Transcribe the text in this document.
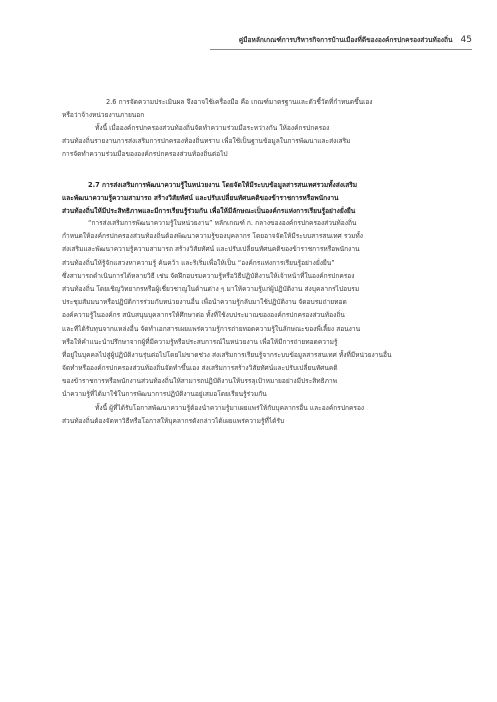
คู่มือหลักเกณฑ์การบริหารกิจการบ้านเมืองที่ดีขององค์กรปกครองส่วนท้องถิ่น 45
2.6 การจัดความประเมินผล จึงอาจใช้เครื่องมือ คือ เกณฑ์มาตรฐานและตัวชี้วัดที่กำหนดขึ้นเอง
หรือว่าจ้างหน่วยงานภายนอก
ทั้งนี้ เมื่อองค์กรปกครองส่วนท้องถิ่นจัดทำความร่วมมือระหว่างกัน ให้องค์กรปกครอง
ส่วนท้องถิ่นรายงานการส่งเสริมการปกครองท้องถิ่นทราบ เพื่อใช้เป็นฐานข้อมูลในการพัฒนาและส่งเสริม
การจัดทำความร่วมมือขององค์กรปกครองส่วนท้องถิ่นต่อไป
2.7 การส่งเสริมการพัฒนาความรู้ในหน่วยงาน โดยจัดให้มีระบบข้อมูลสารสนเทศรวมทั้งส่งเสริม
และพัฒนาความรู้ความสามารถ สร้างวิสัยทัศน์ และปรับเปลี่ยนทัศนคติของข้าราชการหรือพนักงาน
ส่วนท้องถิ่นให้มีประสิทธิภาพและมีการเรียนรู้ร่วมกัน เพื่อให้มีลักษณะเป็นองค์กรแห่งการเรียนรู้อย่างยั่งยืน
“การส่งเสริมการพัฒนาความรู้ในหน่วยงาน” หลักเกณฑ์ ก. กลางขององค์กรปกครองส่วนท้องถิ่น
กำหนดให้องค์กรปกครองส่วนท้องถิ่นต้องพัฒนาความรู้ของบุคลากร โดยอาจจัดให้มีระบบสารสนเทศ รวมทั้ง
ส่งเสริมและพัฒนาความรู้ความสามารถ สร้างวิสัยทัศน์ และปรับเปลี่ยนทัศนคติของข้าราชการหรือพนักงาน
ส่วนท้องถิ่นให้รู้จักแสวงหาความรู้ ค้นคว้า และริเริ่มเพื่อให้เป็น “องค์กรแห่งการเรียนรู้อย่างยั่งยืน”
ซึ่งสามารถดำเนินการได้หลายวิธี เช่น จัดฝึกอบรมความรู้หรือวิธีปฏิบัติงานให้เจ้าหน้าที่ในองค์กรปกครอง
ส่วนท้องถิ่น โดยเชิญวิทยากรหรือผู้เชี่ยวชาญในด้านต่าง ๆ มาให้ความรู้แก่ผู้ปฏิบัติงาน ส่งบุคลากรไปอบรม
ประชุมสัมมนาหรือปฏิบัติการร่วมกับหน่วยงานอื่น เพื่อนำความรู้กลับมาใช้ปฏิบัติงาน จัดอบรมถ่ายทอด
องค์ความรู้ในองค์กร สนับสนุนบุคลากรให้ศึกษาต่อ ทั้งที่ใช้งบประมาณขององค์กรปกครองส่วนท้องถิ่น
และทีได้รับทุนจากแหล่งอื่น จัดทำเอกสารเผยแพร่ความรู้การถ่ายทอดความรู้ในลักษณะของพี่เลี้ยง สอนงาน
หรือให้คำแนะนำปรึกษาจากผู้ที่มีความรู้หรือประสบการณ์ในหน่วยงาน เพื่อให้มีการถ่ายทอดความรู้
ที่อยู่ในบุคคลไปสู่ผู้ปฏิบัติงานรุ่นต่อไปโดยไม่ขาดช่วง ส่งเสริมการเรียนรู้จากระบบข้อมูลสารสนเทศ ทั้งที่มีหน่วยงานอื่น
จัดทำหรือองค์กรปกครองส่วนท้องถิ่นจัดทำขึ้นเอง ส่งเสริมการสร้างวิสัยทัศน์และปรับเปลี่ยนทัศนคติ
ของข้าราชการหรือพนักงานส่วนท้องถิ่นให้สามารถปฏิบัติงานให้บรรลุเป้าหมายอย่างมีประสิทธิภาพ
นำความรู้ที่ได้มาใช้ในการพัฒนาการปฏิบัติงานอยู่เสมอโดยเรียนรู้ร่วมกัน
ทั้งนี้ ผู้ที่ได้รับโอกาสพัฒนาความรู้ต้องนำความรู้มาเผยแพร่ให้กับบุคลากรอื่น และองค์กรปกครอง
ส่วนท้องถิ่นต้องจัดหาวิธีหรือโอกาสให้บุคลากรดังกล่าวได้เผยแพร่ความรู้ที่ได้รับ
